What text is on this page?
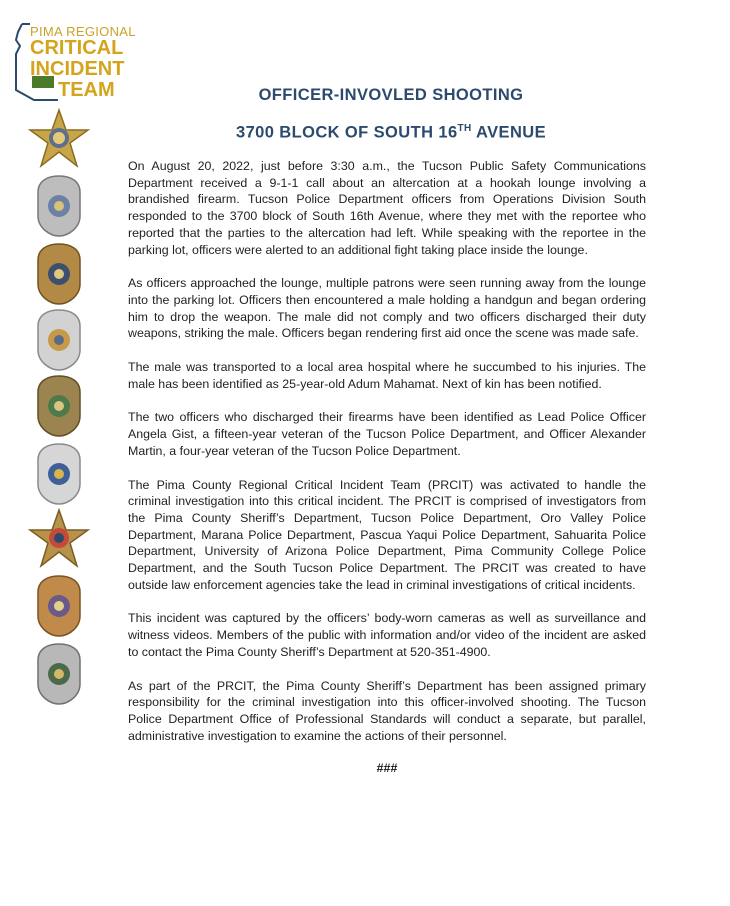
PIMA REGIONAL
CRITICAL
INCIDENT
TEAM	OFFICER-INVOVLED SHOOTING
3700 BLOCK OF SOUTH 16TH AVENUE

On August 20, 2022, just before 3:30 a.m., the Tucson Public Safety Communications Department received a 9-1-1 call about an altercation at a hookah lounge involving a brandished firearm. Tucson Police Department officers from Operations Division South responded to the 3700 block of South 16th Avenue, where they met with the reportee who reported that the parties to the altercation had left. While speaking with the reportee in the parking lot, officers were alerted to an additional fight taking place inside the lounge.

As officers approached the lounge, multiple patrons were seen running away from the lounge into the parking lot. Officers then encountered a male holding a handgun and began ordering him to drop the weapon. The male did not comply and two officers discharged their duty weapons, striking the male. Officers began rendering first aid once the scene was made safe.

The male was transported to a local area hospital where he succumbed to his injuries. The male has been identified as 25-year-old Adum Mahamat. Next of kin has been notified.

The two officers who discharged their firearms have been identified as Lead Police Officer Angela Gist, a fifteen-year veteran of the Tucson Police Department, and Officer Alexander Martin, a four-year veteran of the Tucson Police Department.

The Pima County Regional Critical Incident Team (PRCIT) was activated to handle the criminal investigation into this critical incident. The PRCIT is comprised of investigators from the Pima County Sheriff’s Department, Tucson Police Department, Oro Valley Police Department, Marana Police Department, Pascua Yaqui Police Department, Sahuarita Police Department, University of Arizona Police Department, Pima Community College Police Department, and the South Tucson Police Department. The PRCIT was created to have outside law enforcement agencies take the lead in criminal investigations of critical incidents.

This incident was captured by the officers’ body-worn cameras as well as surveillance and witness videos. Members of the public with information and/or video of the incident are asked to contact the Pima County Sheriff’s Department at 520-351-4900.

As part of the PRCIT, the Pima County Sheriff’s Department has been assigned primary responsibility for the criminal investigation into this officer-involved shooting. The Tucson Police Department Office of Professional Standards will conduct a separate, but parallel, administrative investigation to examine the actions of their personnel.

###
